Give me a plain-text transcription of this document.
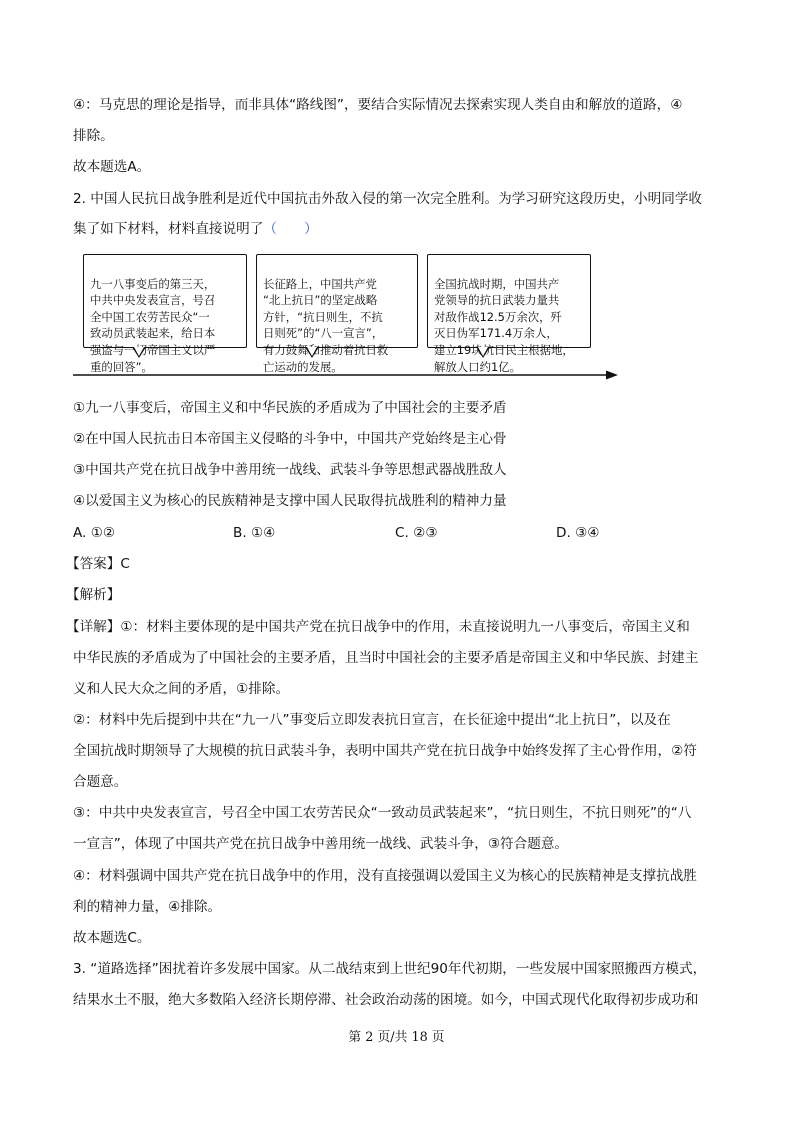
④：马克思的理论是指导，而非具体“路线图”，要结合实际情况去探索实现人类自由和解放的道路，④
排除。
故本题选A。
2. 中国人民抗日战争胜利是近代中国抗击外敌入侵的第一次完全胜利。为学习研究这段历史，小明同学收
集了如下材料，材料直接说明了（　　）

九一八事变后的第三天，
中共中央发表宣言，号召
全中国工农劳苦民众“一
致动员武装起来，给日本
强盗与一切帝国主义以严
重的回答”。

长征路上，中国共产党
“北上抗日”的坚定战略
方针，“抗日则生，不抗
日则死”的“八一宣言”，
有力鼓舞和推动着抗日救
亡运动的发展。

全国抗战时期，中国共产
党领导的抗日武装力量共
对敌作战12.5万余次，歼
灭日伪军171.4万余人，
建立19块抗日民主根据地，
解放人口约1亿。

①九一八事变后，帝国主义和中华民族的矛盾成为了中国社会的主要矛盾
②在中国人民抗击日本帝国主义侵略的斗争中，中国共产党始终是主心骨
③中国共产党在抗日战争中善用统一战线、武装斗争等思想武器战胜敌人
④以爱国主义为核心的民族精神是支撑中国人民取得抗战胜利的精神力量
A. ①②	B. ①④	C. ②③	D. ③④
【答案】C
【解析】
【详解】①：材料主要体现的是中国共产党在抗日战争中的作用，未直接说明九一八事变后，帝国主义和
中华民族的矛盾成为了中国社会的主要矛盾，且当时中国社会的主要矛盾是帝国主义和中华民族、封建主
义和人民大众之间的矛盾，①排除。
②：材料中先后提到中共在“九一八”事变后立即发表抗日宣言，在长征途中提出“北上抗日”，以及在
全国抗战时期领导了大规模的抗日武装斗争，表明中国共产党在抗日战争中始终发挥了主心骨作用，②符
合题意。
③：中共中央发表宣言，号召全中国工农劳苦民众“一致动员武装起来”，“抗日则生，不抗日则死”的“八
一宣言”，体现了中国共产党在抗日战争中善用统一战线、武装斗争，③符合题意。
④：材料强调中国共产党在抗日战争中的作用，没有直接强调以爱国主义为核心的民族精神是支撑抗战胜
利的精神力量，④排除。
故本题选C。
3. “道路选择”困扰着许多发展中国家。从二战结束到上世纪90年代初期，一些发展中国家照搬西方模式，
结果水土不服，绝大多数陷入经济长期停滞、社会政治动荡的困境。如今，中国式现代化取得初步成功和
第 2 页/共 18 页
